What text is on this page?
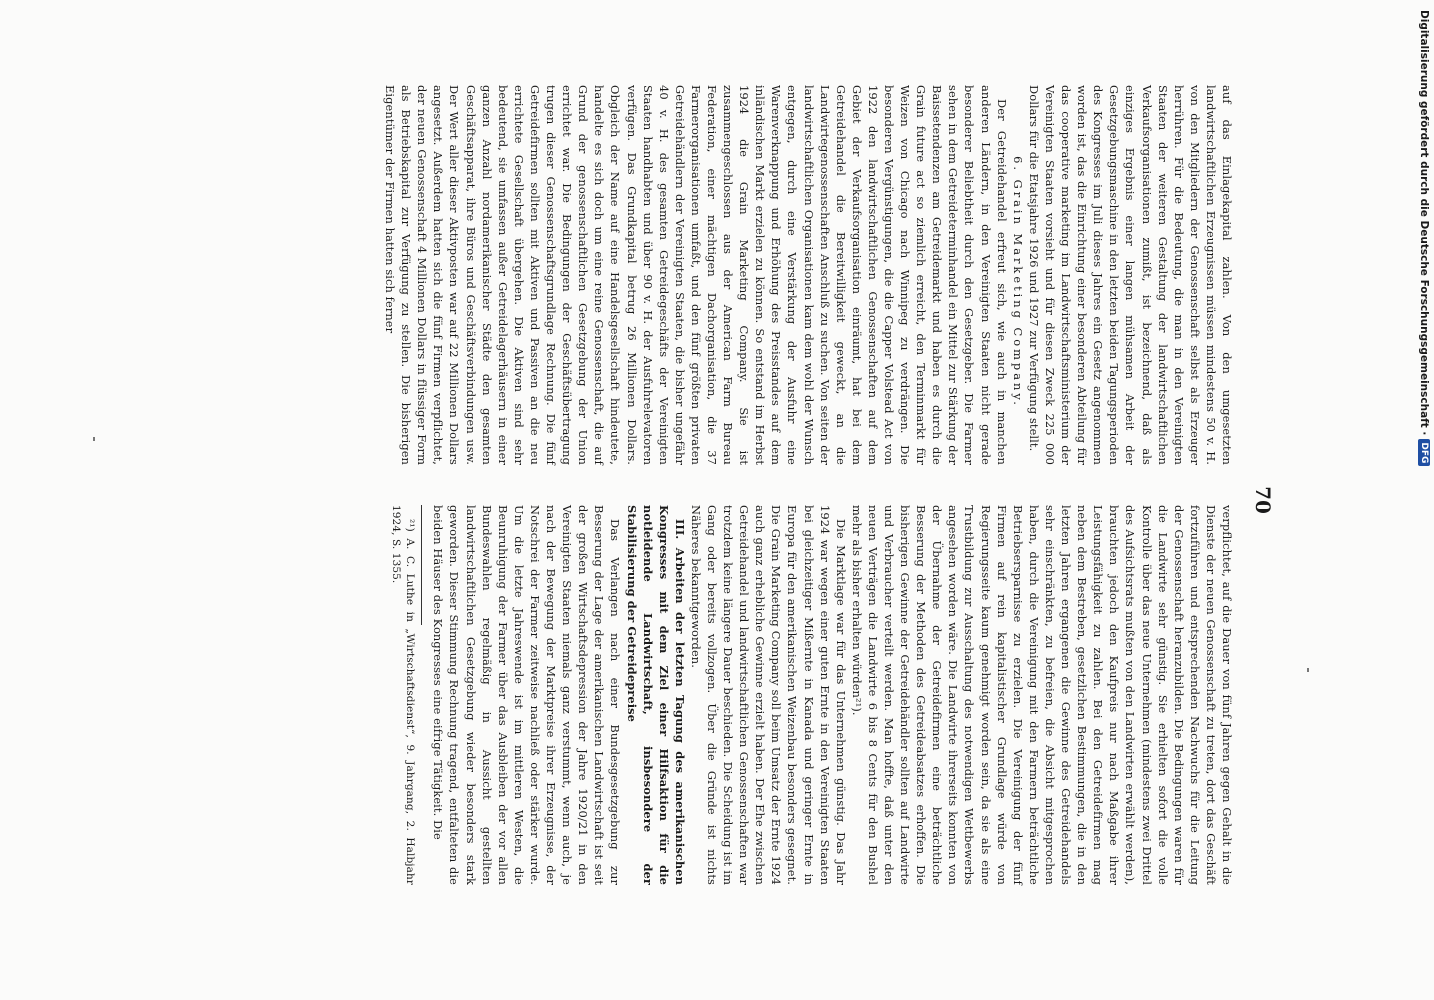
70

auf das Einlagekapital zahlen. Von den umgesetzten landwirtschaftlichen Erzeugnissen müssen mindestens 50 v. H. von den Mitgliedern der Genossenschaft selbst als Erzeuger herrühren. Für die Bedeutung, die man in den Vereinigten Staaten der weiteren Gestaltung der landwirtschaftlichen Verkaufsorganisationen zumißt, ist bezeichnend, daß als einziges Ergebnis einer langen mühsamen Arbeit der Gesetzgebungsmaschine in den letzten beiden Tagungsperioden des Kongresses im Juli dieses Jahres ein Gesetz angenommen worden ist, das die Einrichtung einer besonderen Abteilung für das cooperative marketing im Landwirtschaftsministerium der Vereinigten Staaten vorsieht und für diesen Zweck 225 000 Dollars für die Etatsjahre 1926 und 1927 zur Verfügung stellt.

6. Grain Marketing Company.

Der Getreidehandel erfreut sich, wie auch in manchen anderen Ländern, in den Vereinigten Staaten nicht gerade besonderer Beliebtheit durch den Gesetzgeber. Die Farmer sehen in dem Getreideterminhandel ein Mittel zur Stärkung der Baissetendenzen am Getreidemarkt und haben es durch die Grain future act so ziemlich erreicht, den Terminmarkt für Weizen von Chicago nach Winnipeg zu verdrängen. Die besonderen Vergünstigungen, die die Capper Volstead Act von 1922 den landwirtschaftlichen Genossenschaften auf dem Gebiet der Verkaufsorganisation einräumt, hat bei dem Getreidehandel die Bereitwilligkeit geweckt, an die Landwirtegenossenschaften Anschluß zu suchen. Von seiten der landwirtschaftlichen Organisationen kam dem wohl der Wunsch entgegen, durch eine Verstärkung der Ausfuhr eine Warenverknappung und Erhöhung des Preisstandes auf dem inländischen Markt erzielen zu können. So entstand im Herbst 1924 die Grain Marketing Company. Sie ist zusammengeschlossen aus der American Farm Bureau Federation, einer mächtigen Dachorganisation, die 37 Farmerorganisationen umfaßt, und den fünf größten privaten Getreidehändlern der Vereinigten Staaten, die bisher ungefähr 40 v. H. des gesamten Getreidegeschäfts der Vereinigten Staaten handhabten und über 90 v. H. der Ausfuhrelevatoren verfügen. Das Grundkapital betrug 26 Millionen Dollars. Obgleich der Name auf eine Handelsgesellschaft hindeutete, handelte es sich doch um eine reine Genossenschaft, die auf Grund der genossenschaftlichen Gesetzgebung der Union errichtet war. Die Bedingungen der Geschäftsübertragung trugen dieser Genossenschaftsgrundlage Rechnung. Die fünf Getreidefirmen sollten mit Aktiven und Passiven an die neu errichtete Gesellschaft übergehen. Die Aktiven sind sehr bedeutend, sie umfassen außer Getreidelagerhäusern in einer ganzen Anzahl nordamerikanischer Städte den gesamten Geschäftsapparat, ihre Büros und Geschäftsverbindungen usw. Der Wert aller dieser Aktivposten war auf 22 Millionen Dollars angesetzt. Außerdem hatten sich die fünf Firmen verpflichtet, der neuen Genossenschaft 4 Millionen Dollars in flüssiger Form als Betriebskapital zur Verfügung zu stellen. Die bisherigen Eigentümer der Firmen hatten sich ferner

verpflichtet, auf die Dauer von fünf Jahren gegen Gehalt in die Dienste der neuen Genossenschaft zu treten, dort das Geschäft fortzuführen und entsprechenden Nachwuchs für die Leitung der Genossenschaft heranzubilden. Die Bedingungen waren für die Landwirte sehr günstig. Sie erhielten sofort die volle Kontrolle über das neue Unternehmen (mindestens zwei Drittel des Aufsichtsrats mußten von den Landwirten erwählt werden), brauchten jedoch den Kaufpreis nur nach Maßgabe ihrer Leistungsfähigkeit zu zahlen. Bei den Getreidefirmen mag neben dem Bestreben, gesetzlichen Bestimmungen, die in den letzten Jahren ergangenen die Gewinne des Getreidehandels sehr einschränkten, zu befreien, die Absicht mitgesprochen haben, durch die Vereinigung mit den Farmern beträchtliche Betriebsersparnisse zu erzielen. Die Vereinigung der fünf Firmen auf rein kapitalistischer Grundlage würde von Regierungsseite kaum genehmigt worden sein, da sie als eine Trustbildung zur Ausschaltung des notwendigen Wettbewerbs angesehen worden wäre. Die Landwirte ihrerseits konnten von der Übernahme der Getreidefirmen eine beträchtliche Besserung der Methoden des Getreideabsatzes erhoffen. Die bisherigen Gewinne der Getreidehändler sollten auf Landwirte und Verbraucher verteilt werden. Man hoffte, daß unter den neuen Verträgen die Landwirte 6 bis 8 Cents für den Bushel mehr als bisher erhalten würden²¹).

Die Marktlage war für das Unternehmen günstig. Das Jahr 1924 war wegen einer guten Ernte in den Vereinigten Staaten bei gleichzeitiger Mißernte in Kanada und geringer Ernte in Europa für den amerikanischen Weizenbau besonders gesegnet. Die Grain Marketing Company soll beim Umsatz der Ernte 1924 auch ganz erhebliche Gewinne erzielt haben. Der Ehe zwischen Getreidehandel und landwirtschaftlichen Genossenschaften war trotzdem keine längere Dauer beschieden. Die Scheidung ist im Gang oder bereits vollzogen. Über die Gründe ist nichts Näheres bekanntgeworden.

III. Arbeiten der letzten Tagung des amerikanischen Kongresses mit dem Ziel einer Hilfsaktion für die notleidende Landwirtschaft, insbesondere der Stabilisierung der Getreidepreise

Das Verlangen nach einer Bundesgesetzgebung zur Besserung der Lage der amerikanischen Landwirtschaft ist seit der großen Wirtschaftsdepression der Jahre 1920/21 in den Vereinigten Staaten niemals ganz verstummt, wenn auch, je nach der Bewegung der Marktpreise ihrer Erzeugnisse, der Notschrei der Farmer zeitweise nachließ oder stärker wurde. Um die letzte Jahreswende ist im mittleren Westen, die Beunruhigung der Farmer über das Ausbleiben der vor allen Bundeswahlen regelmäßig in Aussicht gestellten landwirtschaftlichen Gesetzgebung wieder besonders stark geworden. Dieser Stimmung Rechnung tragend, entfalteten die beiden Häuser des Kongresses eine eifrige Tätigkeit. Die

²¹) A. C. Luthe in „Wirtschaftsdienst“, 9. Jahrgang, 2. Halbjahr 1924, S. 1355.

Digitalisierung gefördert durch die Deutsche Forschungsgemeinschaft ·
DFG
